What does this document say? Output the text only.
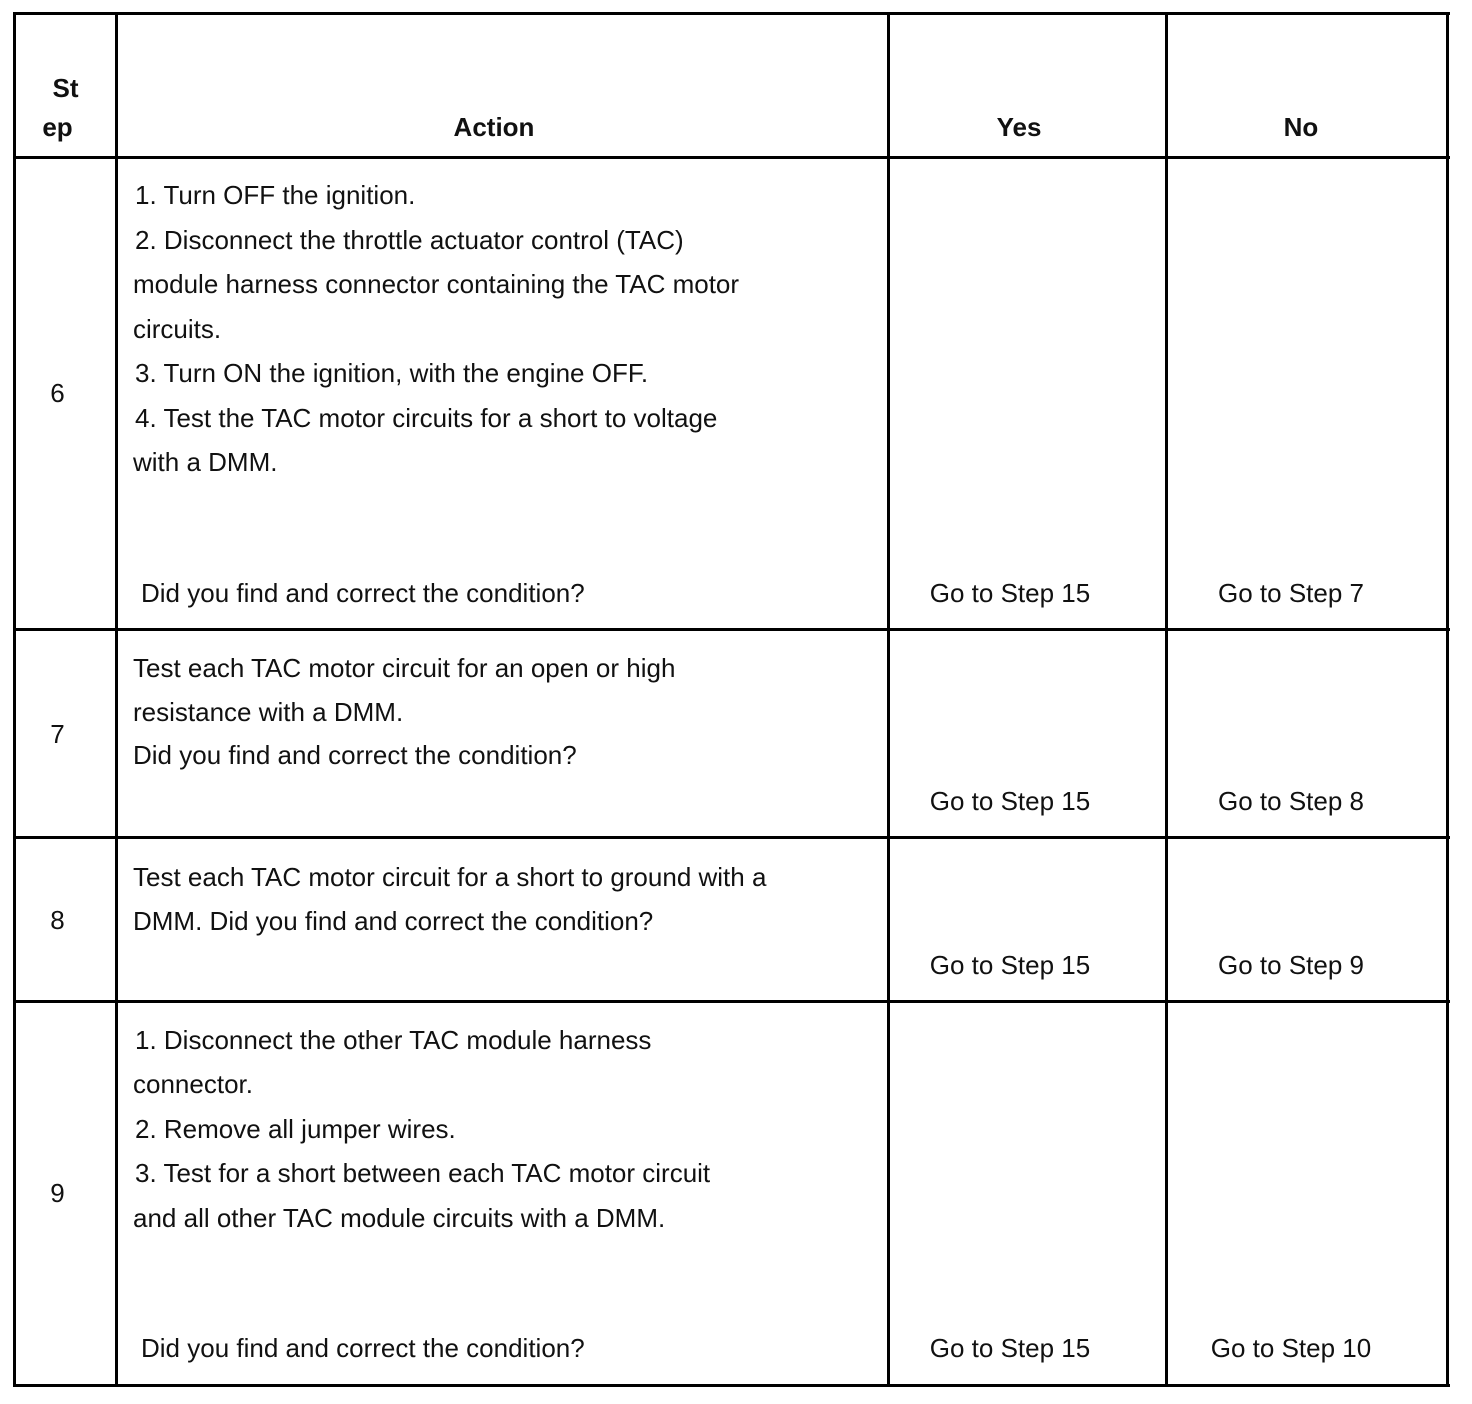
St
ep	Action	Yes	No
6
1. Turn OFF the ignition.
2. Disconnect the throttle actuator control (TAC)
module harness connector containing the TAC motor
circuits.
3. Turn ON the ignition, with the engine OFF.
4. Test the TAC motor circuits for a short to voltage
with a DMM.
Did you find and correct the condition?	Go to Step 15	Go to Step 7
7
Test each TAC motor circuit for an open or high
resistance with a DMM.
Did you find and correct the condition?
Go to Step 15	Go to Step 8
8
Test each TAC motor circuit for a short to ground with a
DMM. Did you find and correct the condition?
Go to Step 15	Go to Step 9
9
1. Disconnect the other TAC module harness
connector.
2. Remove all jumper wires.
3. Test for a short between each TAC motor circuit
and all other TAC module circuits with a DMM.
Did you find and correct the condition?	Go to Step 15	Go to Step 10
